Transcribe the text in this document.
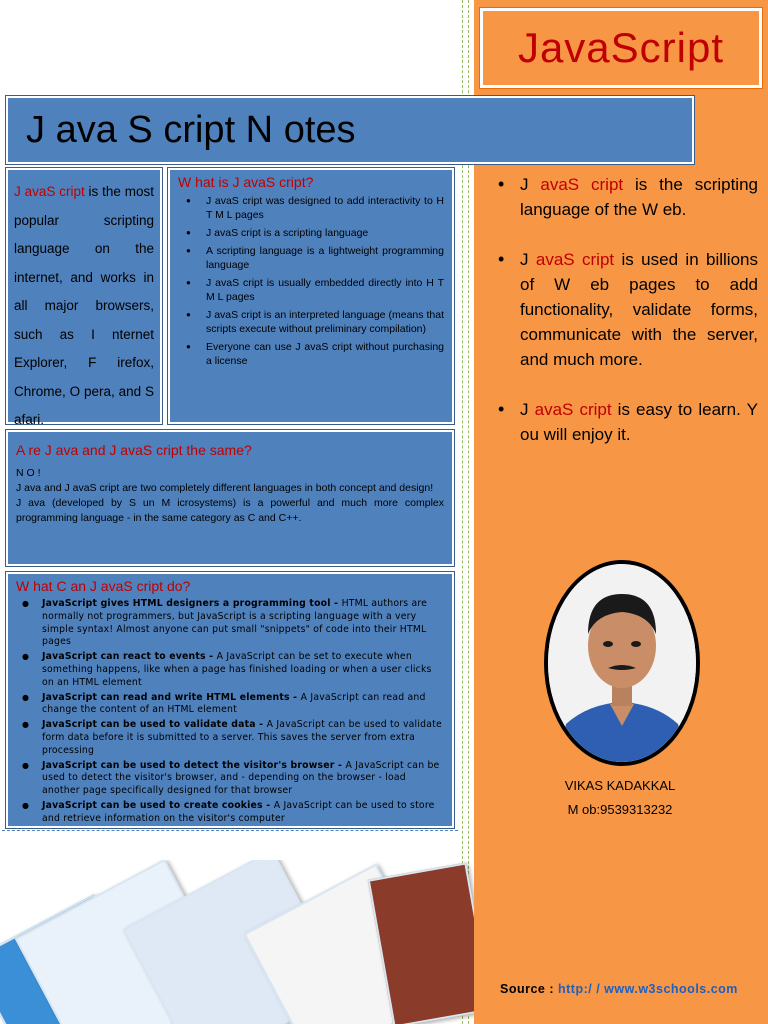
JavaScript
J ava S cript N otes
J avaS cript is the most popular scripting language on the internet, and works in all major browsers, such as I nternet Explorer, F irefox, Chrome, O pera, and S afari.
W hat is J avaS cript?
● J avaS cript was designed to add interactivity to H T M L pages
● J avaS cript is a scripting language
● A scripting language is a lightweight programming language
● J avaS cript is usually embedded directly into H T M L pages
● J avaS cript is an interpreted language (means that scripts execute without preliminary compilation)
● Everyone can use J avaS cript without purchasing a license
A re J ava and J avaS cript the same?

N O !

J ava and J avaS cript are two completely different languages in both concept and design!

J ava (developed by S un M icrosystems) is a powerful and much more complex programming language - in the same category as C and C++.

W hat C an J avaS cript do?
● JavaScript gives HTML designers a programming tool - HTML authors are normally not programmers, but JavaScript is a scripting language with a very simple syntax! Almost anyone can put small "snippets" of code into their HTML pages
● JavaScript can react to events - A JavaScript can be set to execute when something happens, like when a page has finished loading or when a user clicks on an HTML element
● JavaScript can read and write HTML elements - A JavaScript can read and change the content of an HTML element
● JavaScript can be used to validate data - A JavaScript can be used to validate form data before it is submitted to a server. This saves the server from extra processing
● JavaScript can be used to detect the visitor's browser - A JavaScript can be used to detect the visitor's browser, and - depending on the browser - load another page specifically designed for that browser
● JavaScript can be used to create cookies - A JavaScript can be used to store and retrieve information on the visitor's computer
• J avaS cript is the scripting language of the W eb.
• J avaS cript is used in billions of W eb pages to add functionality, validate forms, communicate with the server, and much more.
• J avaS cript is easy to learn. Y ou will enjoy it.
VIKAS KADAKKAL
M ob:9539313232
Source : http:/ / www.w3schools.com
